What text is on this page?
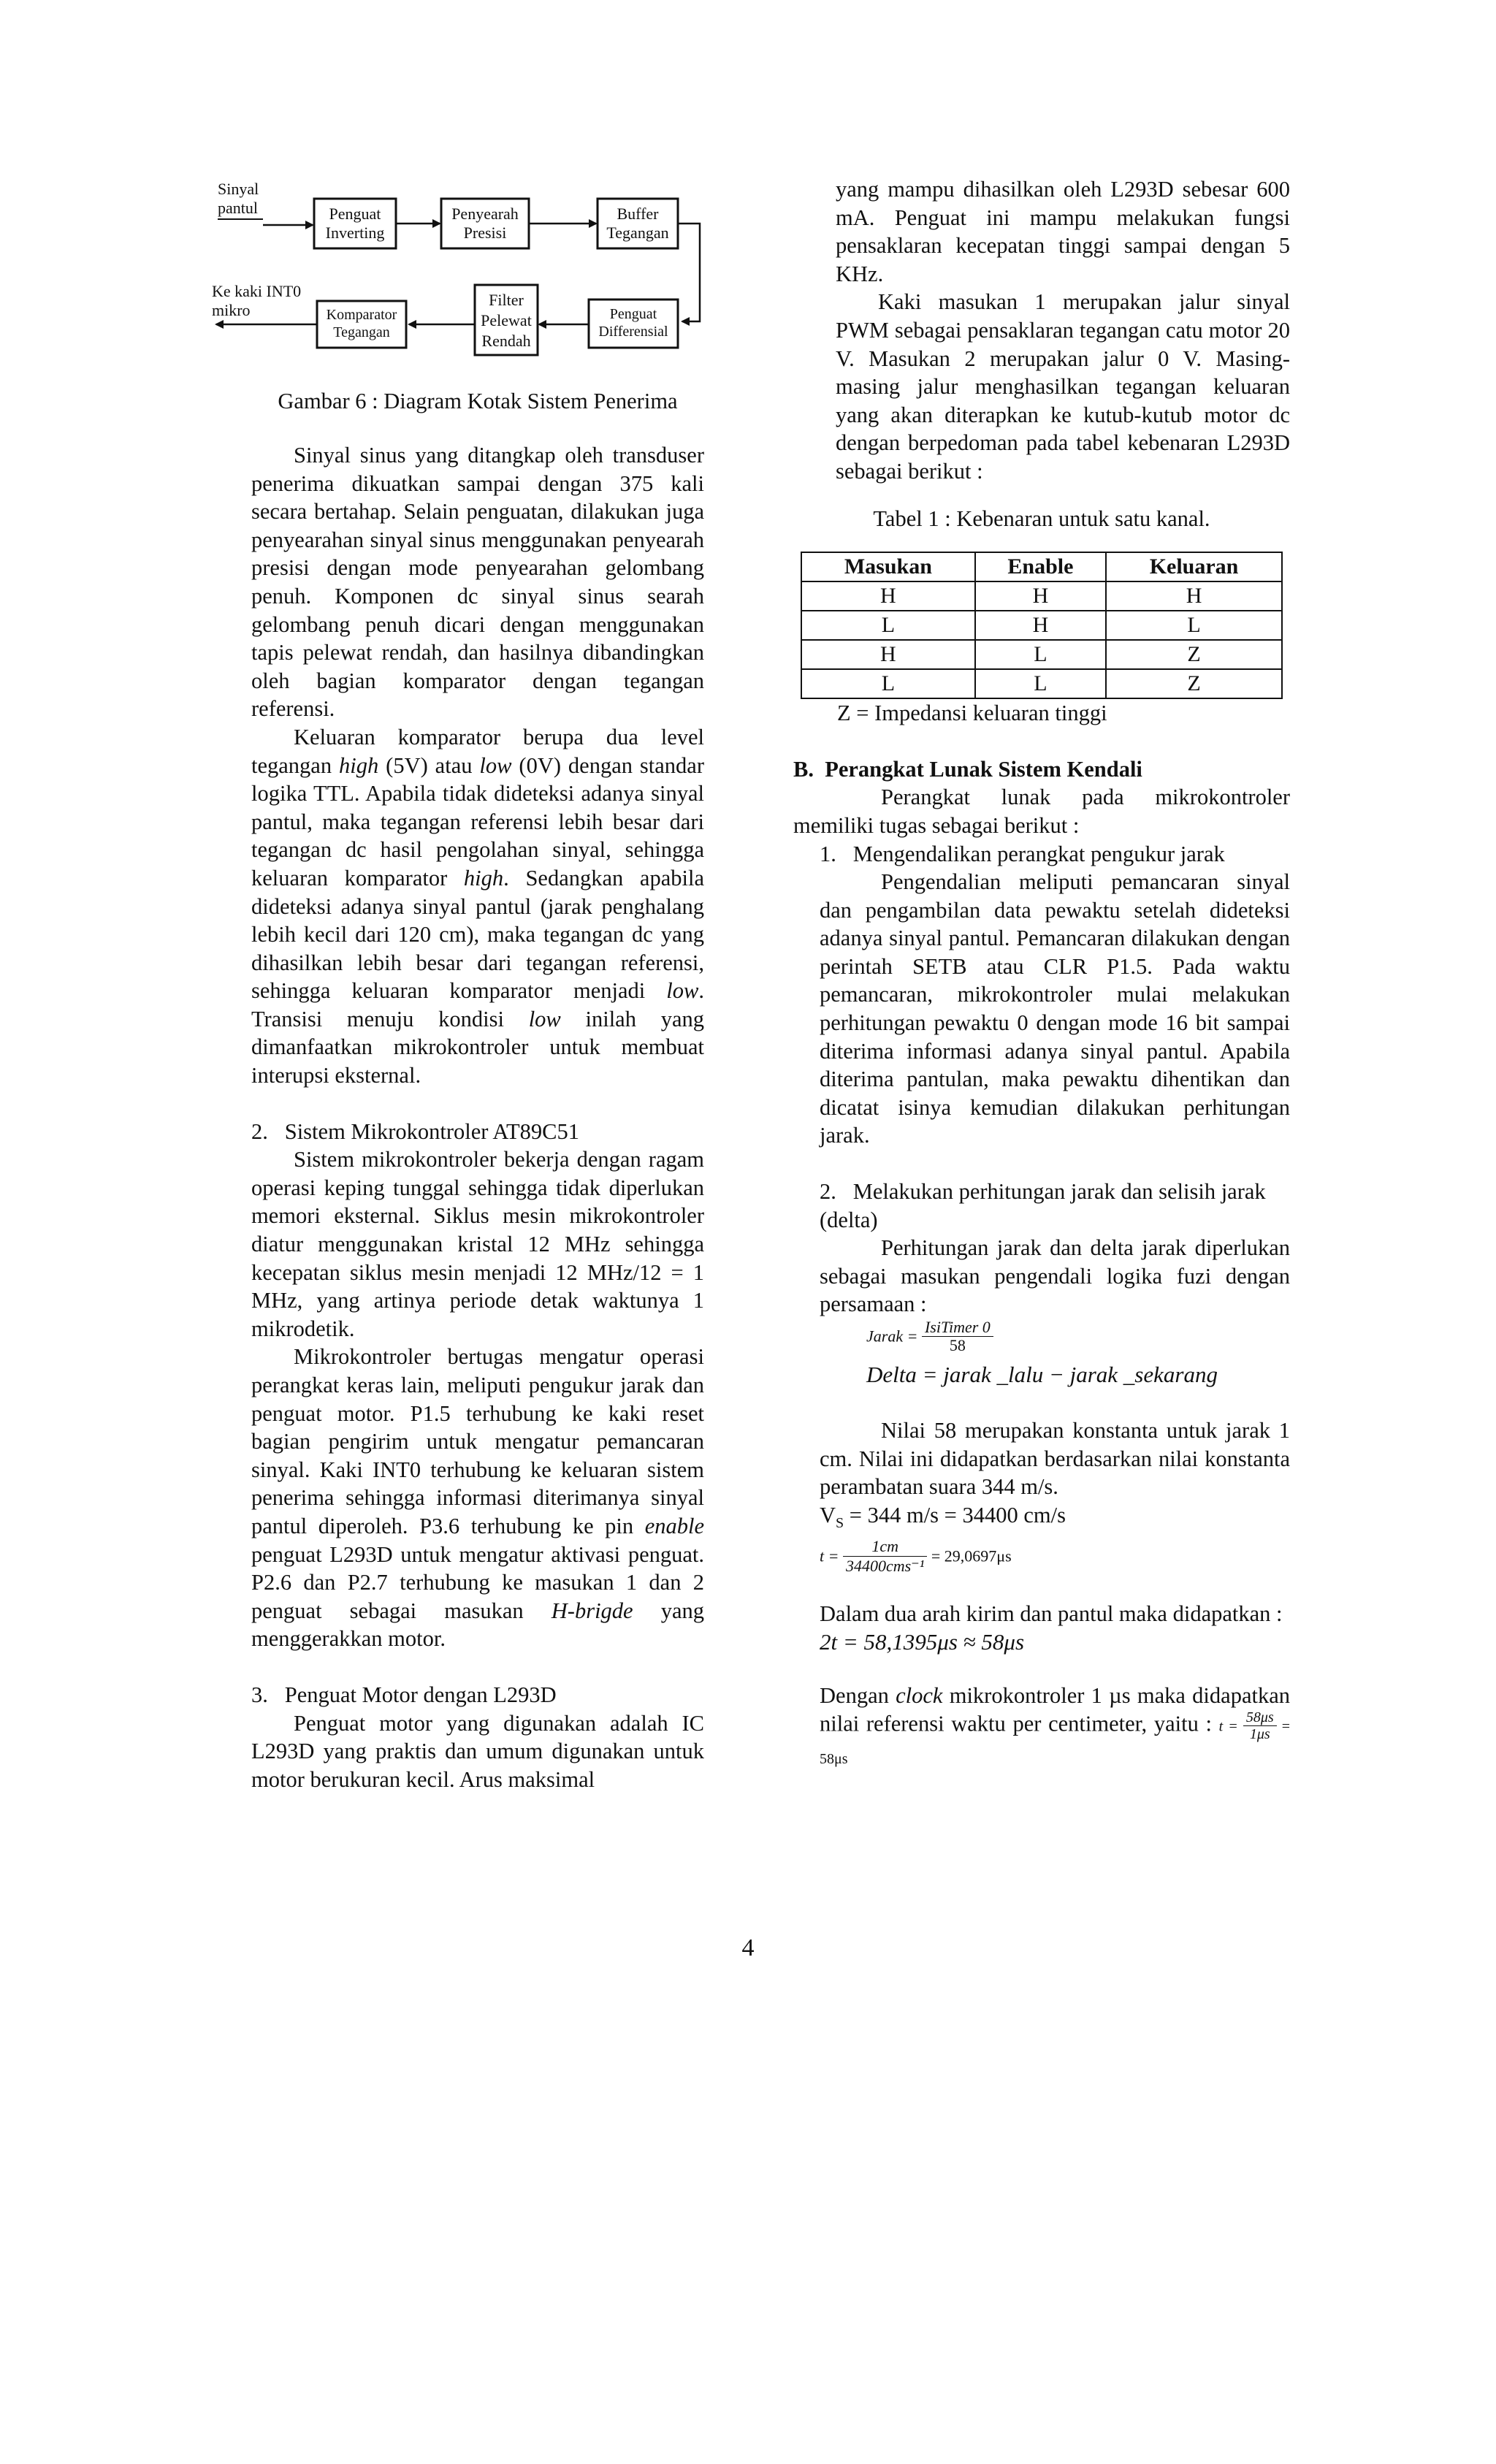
Sinyal
pantul	Penguat
Inverting
Penyearah
Presisi
Buffer
Tegangan
Penguat
Differensial
Filter
Pelewat
Rendah
Komparator
Tegangan
Ke kaki INT0
mikro
Gambar 6 : Diagram Kotak Sistem Penerima

Sinyal sinus yang ditangkap oleh transduser penerima dikuatkan sampai dengan 375 kali secara bertahap. Selain penguatan, dilakukan juga penyearahan sinyal sinus menggunakan penyearah presisi dengan mode penyearahan gelombang penuh. Komponen dc sinyal sinus searah gelombang penuh dicari dengan menggunakan tapis pelewat rendah, dan hasilnya dibandingkan oleh bagian komparator dengan tegangan referensi.

Keluaran komparator berupa dua level tegangan high (5V) atau low (0V) dengan standar logika TTL. Apabila tidak dideteksi adanya sinyal pantul, maka tegangan referensi lebih besar dari tegangan dc hasil pengolahan sinyal, sehingga keluaran komparator high. Sedangkan apabila dideteksi adanya sinyal pantul (jarak penghalang lebih kecil dari 120 cm), maka tegangan dc yang dihasilkan lebih besar dari tegangan referensi, sehingga keluaran komparator menjadi low. Transisi menuju kondisi low inilah yang dimanfaatkan mikrokontroler untuk membuat interupsi eksternal.

2.   Sistem Mikrokontroler AT89C51

Sistem mikrokontroler bekerja dengan ragam operasi keping tunggal sehingga tidak diperlukan memori eksternal. Siklus mesin mikrokontroler diatur menggunakan kristal 12 MHz sehingga kecepatan siklus mesin menjadi 12 MHz/12 = 1 MHz, yang artinya periode detak waktunya 1 mikrodetik.

Mikrokontroler bertugas mengatur operasi perangkat keras lain, meliputi pengukur jarak dan penguat motor. P1.5 terhubung ke kaki reset bagian pengirim untuk mengatur pemancaran sinyal. Kaki INT0 terhubung ke keluaran sistem penerima sehingga informasi diterimanya sinyal pantul diperoleh. P3.6 terhubung ke pin enable penguat L293D untuk mengatur aktivasi penguat. P2.6 dan P2.7 terhubung ke masukan 1 dan 2 penguat sebagai masukan H-brigde yang menggerakkan motor.

3.   Penguat Motor dengan L293D

Penguat motor yang digunakan adalah IC L293D yang praktis dan umum digunakan untuk motor berukuran kecil. Arus maksimal

yang mampu dihasilkan oleh L293D sebesar 600 mA. Penguat ini mampu melakukan fungsi pensaklaran kecepatan tinggi sampai dengan 5 KHz.

Kaki masukan 1 merupakan jalur sinyal PWM sebagai pensaklaran tegangan catu motor 20 V. Masukan 2 merupakan jalur 0 V. Masing-masing jalur menghasilkan tegangan keluaran yang akan diterapkan ke kutub-kutub motor dc dengan berpedoman pada tabel kebenaran L293D sebagai berikut :

Tabel 1 : Kebenaran untuk satu kanal.

Masukan	Enable	Keluaran
H	H	H
L	H	L
H	L	Z
L	L	Z

Z = Impedansi keluaran tinggi

B.  Perangkat Lunak Sistem Kendali

Perangkat lunak pada mikrokontroler memiliki tugas sebagai berikut :

1.   Mengendalikan perangkat pengukur jarak

Pengendalian meliputi pemancaran sinyal dan pengambilan data pewaktu setelah dideteksi adanya sinyal pantul. Pemancaran dilakukan dengan perintah SETB atau CLR P1.5. Pada waktu pemancaran, mikrokontroler mulai melakukan perhitungan pewaktu 0 dengan mode 16 bit sampai diterima informasi adanya sinyal pantul. Apabila diterima pantulan, maka pewaktu dihentikan dan dicatat isinya kemudian dilakukan perhitungan jarak.

2.   Melakukan perhitungan jarak dan selisih jarak (delta)

Perhitungan jarak dan delta jarak diperlukan sebagai masukan pengendali logika fuzi dengan persamaan :

Jarak = $\frac{\text{IsiTimer 0}}{58}$
Delta = jarak _lalu − jarak _sekarang

Nilai 58 merupakan konstanta untuk jarak 1 cm. Nilai ini didapatkan berdasarkan nilai konstanta perambatan suara 344 m/s.

$V_S = 344$ m/s = 34400 cm/s

$t = \frac{1cm}{\text{34400cms⁻¹}} = 29,0697\mu s$

Dalam dua arah kirim dan pantul maka didapatkan :

2t = 58,1395μs ≈ 58μs

Dengan clock mikrokontroler 1 µs maka didapatkan nilai referensi waktu per centimeter, yaitu : $t = \frac{58\mu s}{1\mu s} = 58\mu s$

4
